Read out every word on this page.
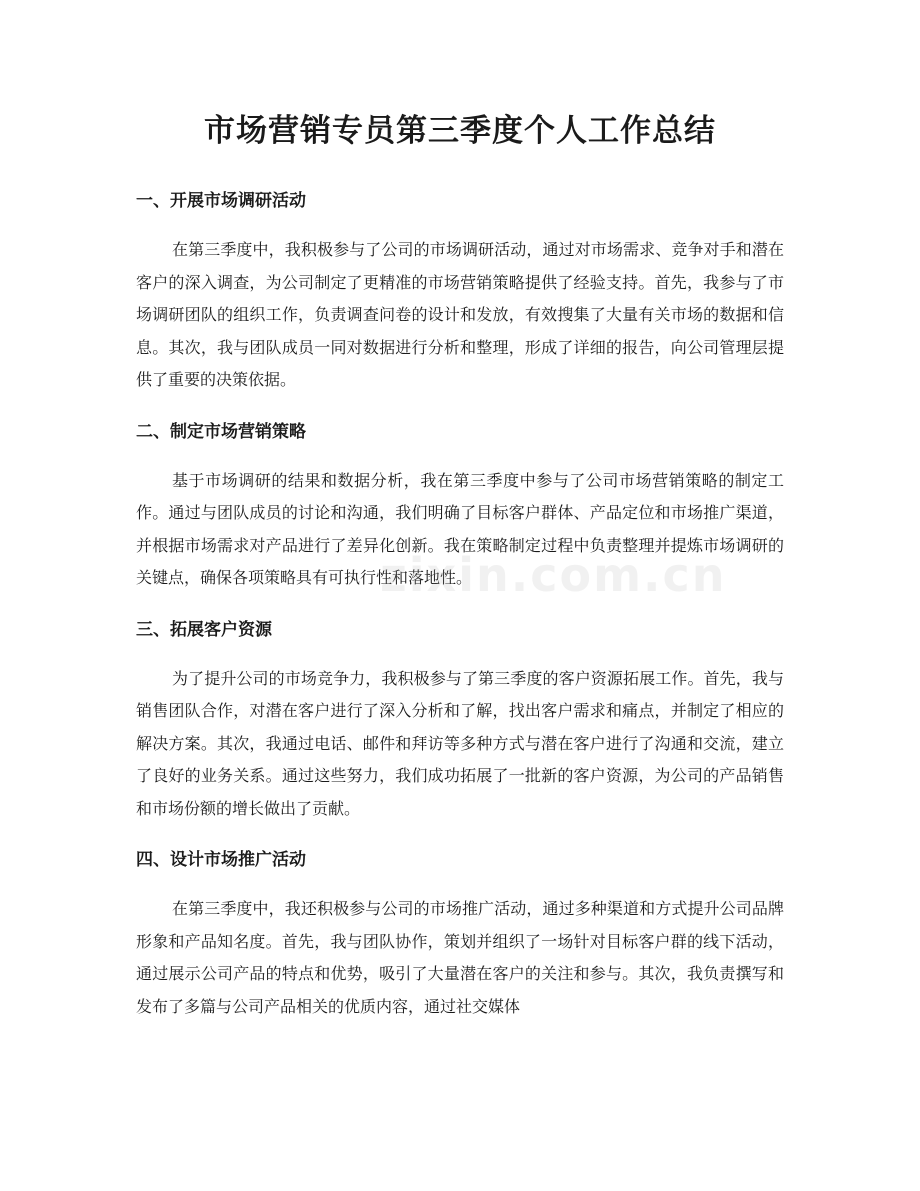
市场营销专员第三季度个人工作总结
一、开展市场调研活动

在第三季度中，我积极参与了公司的市场调研活动，通过对市场需求、竞争对手和潜在客户的深入调查，为公司制定了更精准的市场营销策略提供了经验支持。首先，我参与了市场调研团队的组织工作，负责调查问卷的设计和发放，有效搜集了大量有关市场的数据和信息。其次，我与团队成员一同对数据进行分析和整理，形成了详细的报告，向公司管理层提供了重要的决策依据。

二、制定市场营销策略

基于市场调研的结果和数据分析，我在第三季度中参与了公司市场营销策略的制定工作。通过与团队成员的讨论和沟通，我们明确了目标客户群体、产品定位和市场推广渠道，并根据市场需求对产品进行了差异化创新。我在策略制定过程中负责整理并提炼市场调研的关键点，确保各项策略具有可执行性和落地性。

三、拓展客户资源

为了提升公司的市场竞争力，我积极参与了第三季度的客户资源拓展工作。首先，我与销售团队合作，对潜在客户进行了深入分析和了解，找出客户需求和痛点，并制定了相应的解决方案。其次，我通过电话、邮件和拜访等多种方式与潜在客户进行了沟通和交流，建立了良好的业务关系。通过这些努力，我们成功拓展了一批新的客户资源，为公司的产品销售和市场份额的增长做出了贡献。

四、设计市场推广活动

在第三季度中，我还积极参与公司的市场推广活动，通过多种渠道和方式提升公司品牌形象和产品知名度。首先，我与团队协作，策划并组织了一场针对目标客户群的线下活动，通过展示公司产品的特点和优势，吸引了大量潜在客户的关注和参与。其次，我负责撰写和发布了多篇与公司产品相关的优质内容，通过社交媒体

zixin.com.cn
